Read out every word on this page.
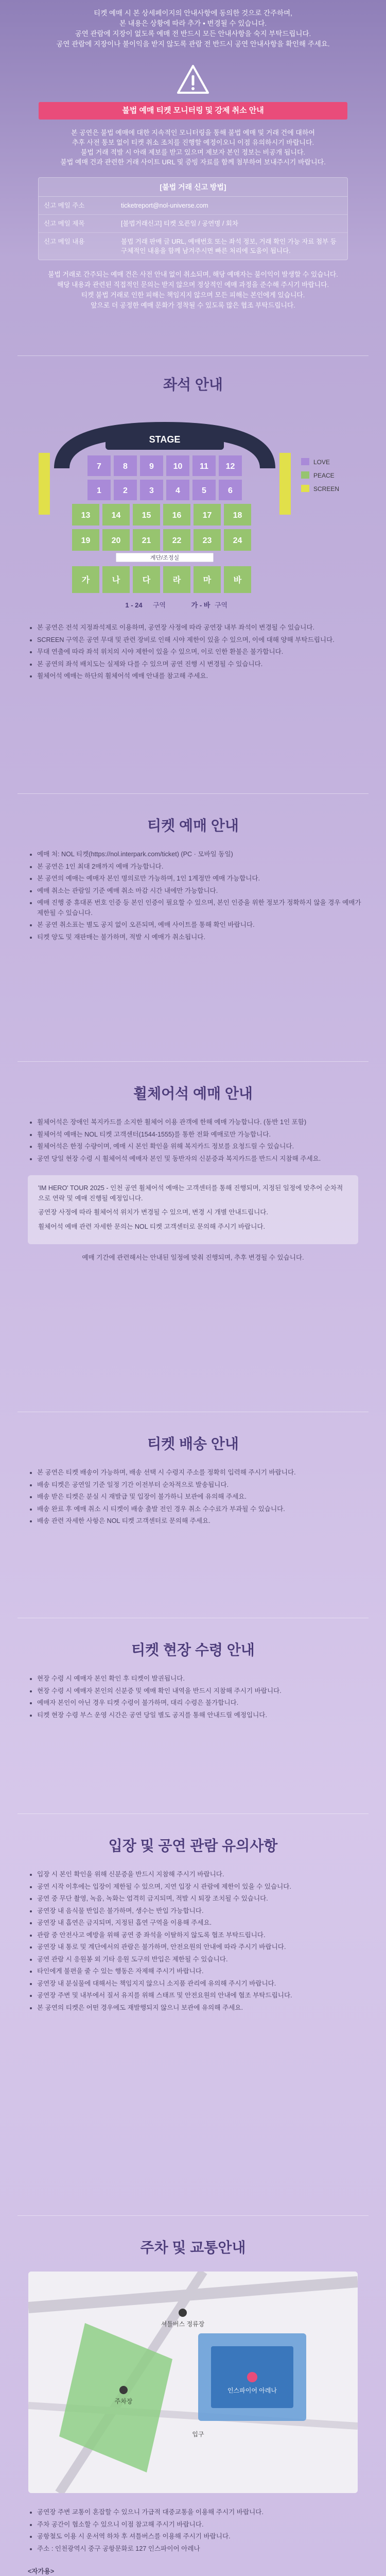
티켓 예매 시 본 상세페이지의 안내사항에 동의한 것으로 간주하며,
본 내용은 상황에 따라 추가 • 변경될 수 있습니다.
공연 관람에 지장이 없도록 예매 전 반드시 모든 안내사항을 숙지 부탁드립니다.
공연 관람에 지장이나 불이익을 받지 않도록 관람 전 반드시 공연 안내사항을 확인해 주세요.
불법 예매 티켓 모니터링 및 강제 취소 안내
본 공연은 불법 예매에 대한 지속적인 모니터링을 통해 불법 예매 및 거래 건에 대하여
추후 사전 통보 없이 티켓 취소 조치를 진행할 예정이오니 이점 유의하시기 바랍니다.
불법 거래 적발 시 아래 제보를 받고 있으며 제보자 본인 정보는 비공개 됩니다.
불법 예매 건과 관련한 거래 사이트 URL 및 증빙 자료를 함께 첨부하여 보내주시기 바랍니다.
[불법 거래 신고 방법]
신고 메일 주소	ticketreport@nol-universe.com
신고 메일 제목	[불법거래신고] 티켓 오픈일 / 공연명 / 회차
신고 메일 내용	불법 거래 판매 글 URL, 예매번호 또는 좌석 정보, 거래 확인 가능 자료 첨부 등 구체적인 내용을 함께 남겨주시면 빠른 처리에 도움이 됩니다.
불법 거래로 간주되는 예매 건은 사전 안내 없이 취소되며, 해당 예매자는 불이익이 발생할 수 있습니다.
해당 내용과 관련된 직접적인 문의는 받지 않으며 정상적인 예매 과정을 준수해 주시기 바랍니다.
티켓 불법 거래로 인한 피해는 책임지지 않으며 모든 피해는 본인에게 있습니다.
앞으로 더 공정한 예매 문화가 정착될 수 있도록 많은 협조 부탁드립니다.
좌석 안내
STAGE
7	8	9 10 11 12
1	2	3	4	5	6
13	14	15	16	17	18
19	20	21	22	23	24
계단/조정실
가	나	다	라	마	바
1 - 24 구역	가 - 바 구역
LOVE
PEACE
SCREEN
• 본 공연은 전석 지정좌석제로 이용하며, 공연장 사정에 따라 공연장 내부 좌석이 변경될 수 있습니다.
• SCREEN 구역은 공연 무대 및 관련 장비로 인해 시야 제한이 있을 수 있으며, 이에 대해 양해 부탁드립니다.
• 무대 연출에 따라 좌석 위치의 시야 제한이 있을 수 있으며, 이로 인한 환불은 불가합니다.
• 본 공연의 좌석 배치도는 실제와 다를 수 있으며 공연 진행 시 변경될 수 있습니다.
• 휠체어석 예매는 하단의 휠체어석 예매 안내를 참고해 주세요.
티켓 예매 안내
• 예매 처: NOL 티켓(https://nol.interpark.com/ticket) (PC · 모바일 동일)
• 본 공연은 1인 최대 2매까지 예매 가능합니다.
• 본 공연의 예매는 예매자 본인 명의로만 가능하며, 1인 1계정만 예매 가능합니다.
• 예매 취소는 관람일 기준 예매 취소 마감 시간 내에만 가능합니다.
• 예매 진행 중 휴대폰 번호 인증 등 본인 인증이 필요할 수 있으며, 본인 인증을 위한 정보가 정확하지 않을 경우 예매가 제한될 수 있습니다.
• 본 공연 취소표는 별도 공지 없이 오픈되며, 예매 사이트를 통해 확인 바랍니다.
• 티켓 양도 및 재판매는 불가하며, 적발 시 예매가 취소됩니다.
휠체어석 예매 안내
• 휠체어석은 장애인 복지카드를 소지한 휠체어 이용 관객에 한해 예매 가능합니다. (동반 1인 포함)
• 휠체어석 예매는 NOL 티켓 고객센터(1544-1555)를 통한 전화 예매로만 가능합니다.
• 휠체어석은 한정 수량이며, 예매 시 본인 확인을 위해 복지카드 정보를 요청드릴 수 있습니다.
• 공연 당일 현장 수령 시 휠체어석 예매자 본인 및 동반자의 신분증과 복지카드를 반드시 지참해 주세요.

'IM HERO' TOUR 2025 - 인천 공연 휠체어석 예매는 고객센터를 통해 진행되며, 지정된 일정에 맞추어 순차적으로 연락 및 예매 진행될 예정입니다.

공연장 사정에 따라 휠체어석 위치가 변경될 수 있으며, 변경 시 개별 안내드립니다.

휠체어석 예매 관련 자세한 문의는 NOL 티켓 고객센터로 문의해 주시기 바랍니다.

예매 기간에 관련해서는 안내된 일정에 맞춰 진행되며, 추후 변경될 수 있습니다.
티켓 배송 안내
• 본 공연은 티켓 배송이 가능하며, 배송 선택 시 수령지 주소를 정확히 입력해 주시기 바랍니다.
• 배송 티켓은 공연일 기준 일정 기간 이전부터 순차적으로 발송됩니다.
• 배송 받은 티켓은 분실 시 재발급 및 입장이 불가하니 보관에 유의해 주세요.
• 배송 완료 후 예매 취소 시 티켓이 배송 출발 전인 경우 취소 수수료가 부과될 수 있습니다.
• 배송 관련 자세한 사항은 NOL 티켓 고객센터로 문의해 주세요.
티켓 현장 수령 안내
• 현장 수령 시 예매자 본인 확인 후 티켓이 발권됩니다.
• 현장 수령 시 예매자 본인의 신분증 및 예매 확인 내역을 반드시 지참해 주시기 바랍니다.
• 예매자 본인이 아닌 경우 티켓 수령이 불가하며, 대리 수령은 불가합니다.
• 티켓 현장 수령 부스 운영 시간은 공연 당일 별도 공지를 통해 안내드릴 예정입니다.
입장 및 공연 관람 유의사항
• 입장 시 본인 확인을 위해 신분증을 반드시 지참해 주시기 바랍니다.
• 공연 시작 이후에는 입장이 제한될 수 있으며, 지연 입장 시 관람에 제한이 있을 수 있습니다.
• 공연 중 무단 촬영, 녹음, 녹화는 엄격히 금지되며, 적발 시 퇴장 조치될 수 있습니다.
• 공연장 내 음식물 반입은 불가하며, 생수는 반입 가능합니다.
• 공연장 내 흡연은 금지되며, 지정된 흡연 구역을 이용해 주세요.
• 관람 중 안전사고 예방을 위해 공연 중 좌석을 이탈하지 않도록 협조 부탁드립니다.
• 공연장 내 통로 및 계단에서의 관람은 불가하며, 안전요원의 안내에 따라 주시기 바랍니다.
• 공연 관람 시 응원봉 외 기타 응원 도구의 반입은 제한될 수 있습니다.
• 타인에게 불편을 줄 수 있는 행동은 자제해 주시기 바랍니다.
• 공연장 내 분실물에 대해서는 책임지지 않으니 소지품 관리에 유의해 주시기 바랍니다.
• 공연장 주변 및 내부에서 질서 유지를 위해 스태프 및 안전요원의 안내에 협조 부탁드립니다.
• 본 공연의 티켓은 어떤 경우에도 재발행되지 않으니 보관에 유의해 주세요.
주차 및 교통안내
인스파이어 아레나
셔틀버스 정류장
주차장
입구
• 공연장 주변 교통이 혼잡할 수 있으니 가급적 대중교통을 이용해 주시기 바랍니다.
• 주차 공간이 협소할 수 있으니 이점 참고해 주시기 바랍니다.
• 공항철도 이용 시 운서역 하차 후 셔틀버스를 이용해 주시기 바랍니다.
• 주소 : 인천광역시 중구 공항문화로 127 인스파이어 아레나
<자가용>
